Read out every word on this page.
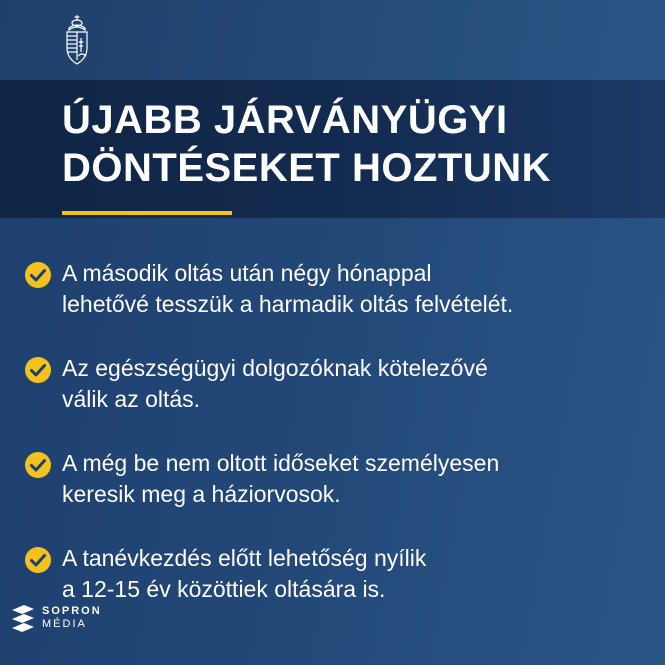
ÚJABB JÁRVÁNYÜGYI
DÖNTÉSEKET HOZTUNK

A második oltás után négy hónappal
lehetővé tesszük a harmadik oltás felvételét.

Az egészségügyi dolgozóknak kötelezővé
válik az oltás.

A még be nem oltott időseket személyesen
keresik meg a háziorvosok.

A tanévkezdés előtt lehetőség nyílik
a 12-15 év közöttiek oltására is.

SOPRON
MÉDIA
